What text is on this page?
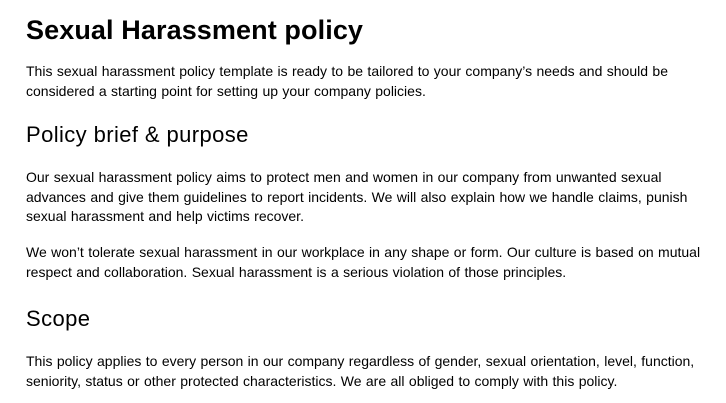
Sexual Harassment policy

This sexual harassment policy template is ready to be tailored to your company’s needs and should be considered a starting point for setting up your company policies.

Policy brief & purpose

Our sexual harassment policy aims to protect men and women in our company from unwanted sexual advances and give them guidelines to report incidents. We will also explain how we handle claims, punish sexual harassment and help victims recover.

We won’t tolerate sexual harassment in our workplace in any shape or form. Our culture is based on mutual respect and collaboration. Sexual harassment is a serious violation of those principles.

Scope

This policy applies to every person in our company regardless of gender, sexual orientation, level, function, seniority, status or other protected characteristics. We are all obliged to comply with this policy.
